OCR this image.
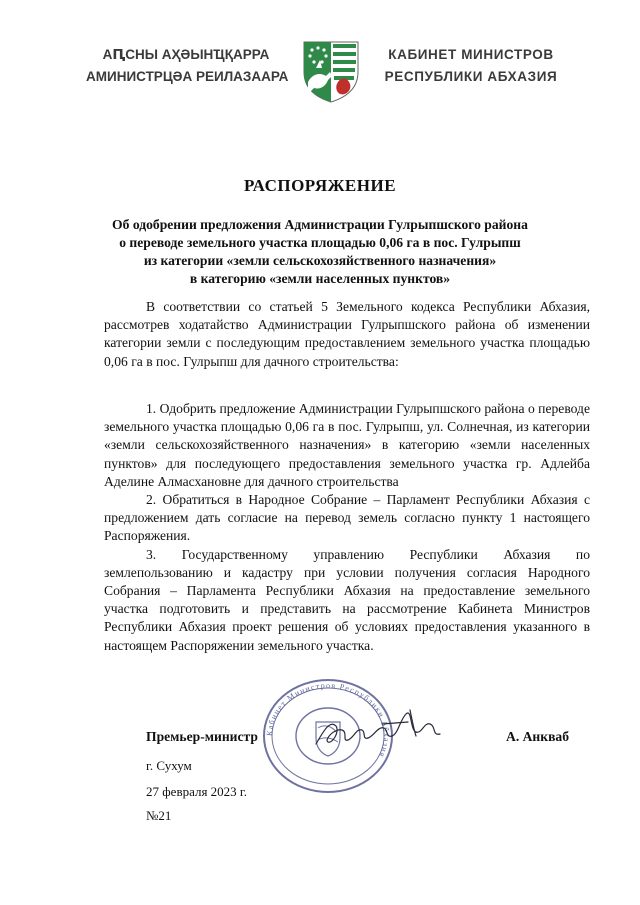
АԤСНЫ АҲӘЫНҴҚАРРА
АМИНИСТРЦӘА РЕИЛАЗААРА
КАБИНЕТ МИНИСТРОВ
РЕСПУБЛИКИ АБХАЗИЯ
РАСПОРЯЖЕНИЕ
Об одобрении предложения Администрации Гулрыпшского района
о переводе земельного участка площадью 0,06 га в пос. Гулрыпш
из категории «земли сельскохозяйственного назначения»
в категорию «земли населенных пунктов»

В соответствии со статьей 5 Земельного кодекса Республики Абхазия, рассмотрев ходатайство Администрации Гулрыпшского района об изменении категории земли с последующим предоставлением земельного участка площадью 0,06 га в пос. Гулрыпш для дачного строительства:

1. Одобрить предложение Администрации Гулрыпшского района о переводе земельного участка площадью 0,06 га в пос. Гулрыпш, ул. Солнечная, из категории «земли сельскохозяйственного назначения» в категорию «земли населенных пунктов» для последующего предоставления земельного участка гр. Адлейба Аделине Алмасхановне для дачного строительства

2. Обратиться в Народное Собрание – Парламент Республики Абхазия с предложением дать согласие на перевод земель согласно пункту 1 настоящего Распоряжения.

3. Государственному управлению Республики Абхазия по землепользованию и кадастру при условии получения согласия Народного Собрания – Парламента Республики Абхазия на предоставление земельного участка подготовить и представить на рассмотрение Кабинета Министров Республики Абхазия проект решения об условиях предоставления указанного в настоящем Распоряжении земельного участка.

Кабинет Министров Республики Абхазия
Премьер-министр	А. Анкваб
г. Сухум
27 февраля 2023 г.
№21
